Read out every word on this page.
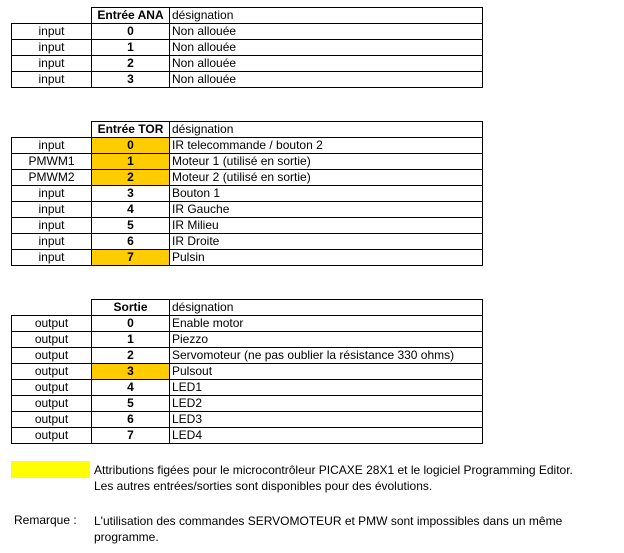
	Entrée ANA	désignation
input	0	Non allouée
input	1	Non allouée
input	2	Non allouée
input	3	Non allouée
	Entrée TOR	désignation
input	0	IR telecommande / bouton 2
PMWM1	1	Moteur 1 (utilisé en sortie)
PMWM2	2	Moteur 2 (utilisé en sortie)
input	3	Bouton 1
input	4	IR Gauche
input	5	IR Milieu
input	6	IR Droite
input	7	Pulsin
	Sortie	désignation
output	0	Enable motor
output	1	Piezzo
output	2	Servomoteur (ne pas oublier la résistance 330 ohms)
output	3	Pulsout
output	4	LED1
output	5	LED2
output	6	LED3
output	7	LED4
Attributions figées pour le microcontrôleur PICAXE 28X1 et le logiciel Programming Editor.
Les autres entrées/sorties sont disponibles pour des évolutions.
Remarque : L'utilisation des commandes SERVOMOTEUR et PMW sont impossibles dans un même
programme.
